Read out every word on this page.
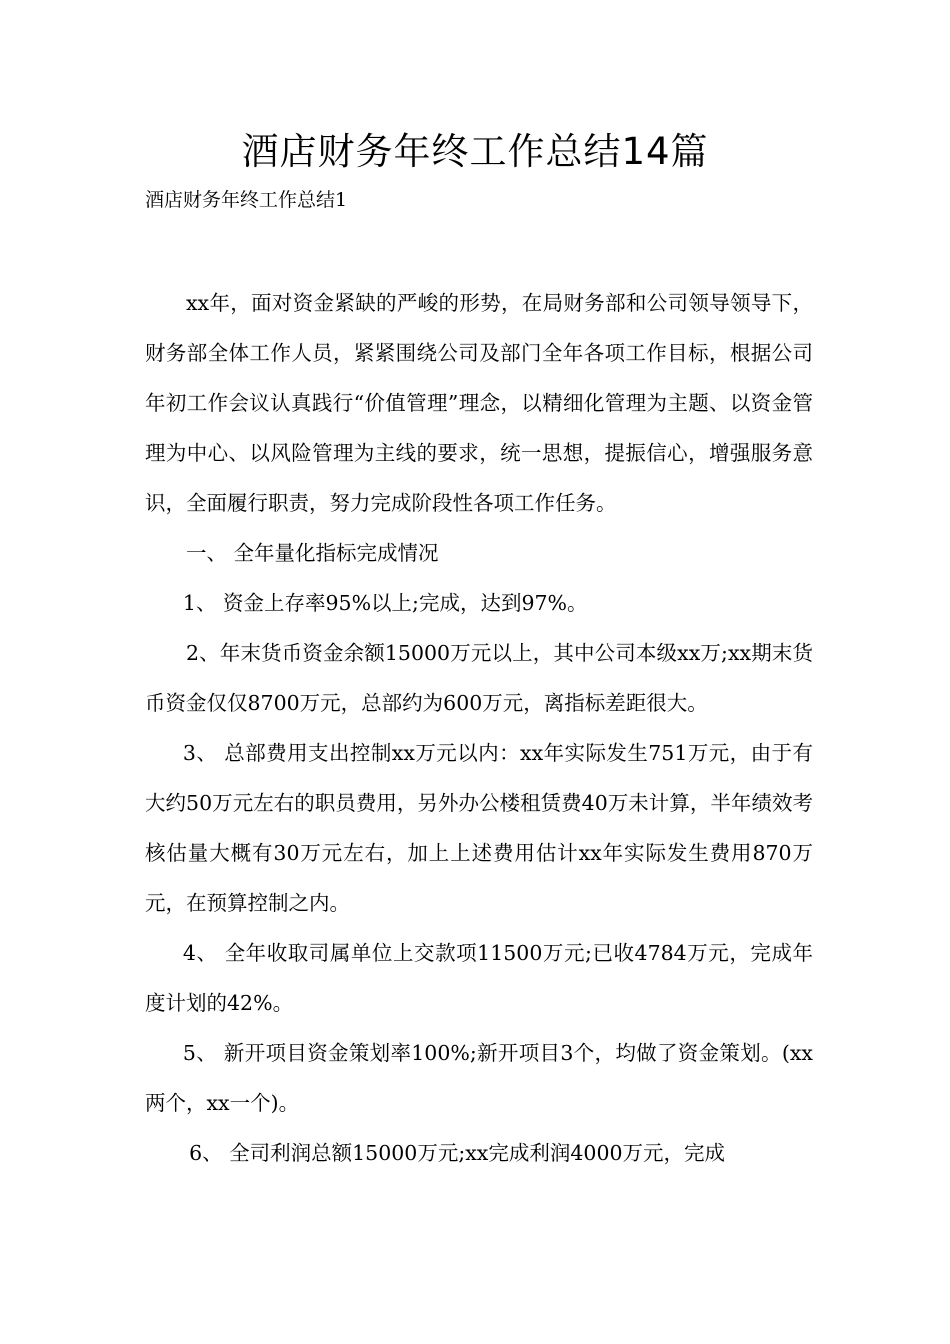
酒店财务年终工作总结14篇
酒店财务年终工作总结1

xx年，面对资金紧缺的严峻的形势，在局财务部和公司领导领导下，财务部全体工作人员，紧紧围绕公司及部门全年各项工作目标，根据公司年初工作会议认真践行“价值管理”理念，以精细化管理为主题、以资金管理为中心、以风险管理为主线的要求，统一思想，提振信心，增强服务意识，全面履行职责，努力完成阶段性各项工作任务。

一、 全年量化指标完成情况

1、 资金上存率95%以上;完成，达到97%。

2、年末货币资金余额15000万元以上，其中公司本级xx万;xx期末货币资金仅仅8700万元，总部约为600万元，离指标差距很大。

3、 总部费用支出控制xx万元以内：xx年实际发生751万元，由于有大约50万元左右的职员费用，另外办公楼租赁费40万未计算，半年绩效考核估量大概有30万元左右，加上上述费用估计xx年实际发生费用870万元，在预算控制之内。

4、 全年收取司属单位上交款项11500万元;已收4784万元，完成年度计划的42%。

5、 新开项目资金策划率100%;新开项目3个，均做了资金策划。(xx两个，xx一个)。

6、 全司利润总额15000万元;xx完成利润4000万元，完成
